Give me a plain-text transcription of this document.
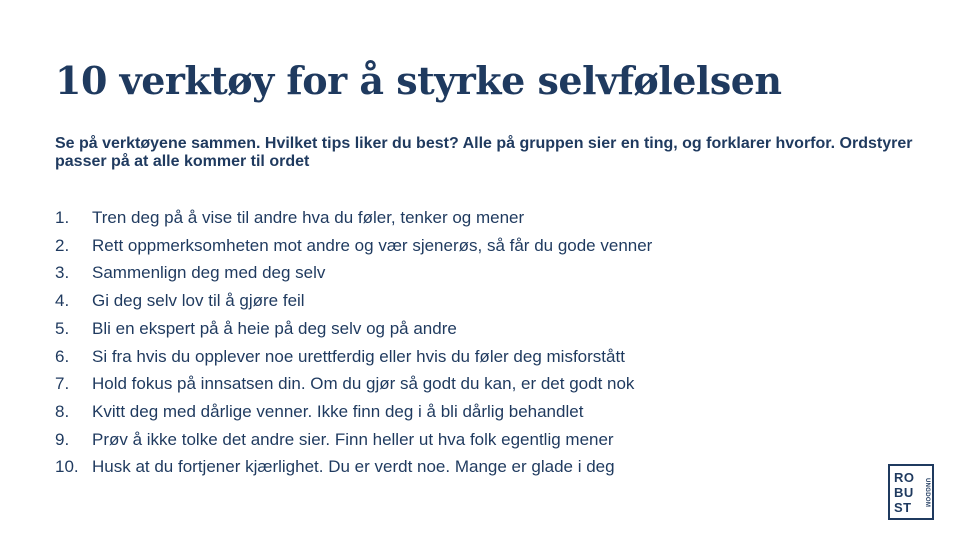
10 verktøy for å styrke selvfølelsen

Se på verktøyene sammen. Hvilket tips liker du best? Alle på gruppen sier en ting, og forklarer hvorfor. Ordstyrer passer på at alle kommer til ordet

1.	Tren deg på å vise til andre hva du føler, tenker og mener
2.	Rett oppmerksomheten mot andre og vær sjenerøs, så får du gode venner
3.	Sammenlign deg med deg selv
4.	Gi deg selv lov til å gjøre feil
5.	Bli en ekspert på å heie på deg selv og på andre
6.	Si fra hvis du opplever noe urettferdig eller hvis du føler deg misforstått
7.	Hold fokus på innsatsen din. Om du gjør så godt du kan, er det godt nok
8.	Kvitt deg med dårlige venner. Ikke finn deg i å bli dårlig behandlet
9.	Prøv å ikke tolke det andre sier. Finn heller ut hva folk egentlig mener
10. Husk at du fortjener kjærlighet. Du er verdt noe. Mange er glade i deg
RO
BU
ST	UNGDOM
